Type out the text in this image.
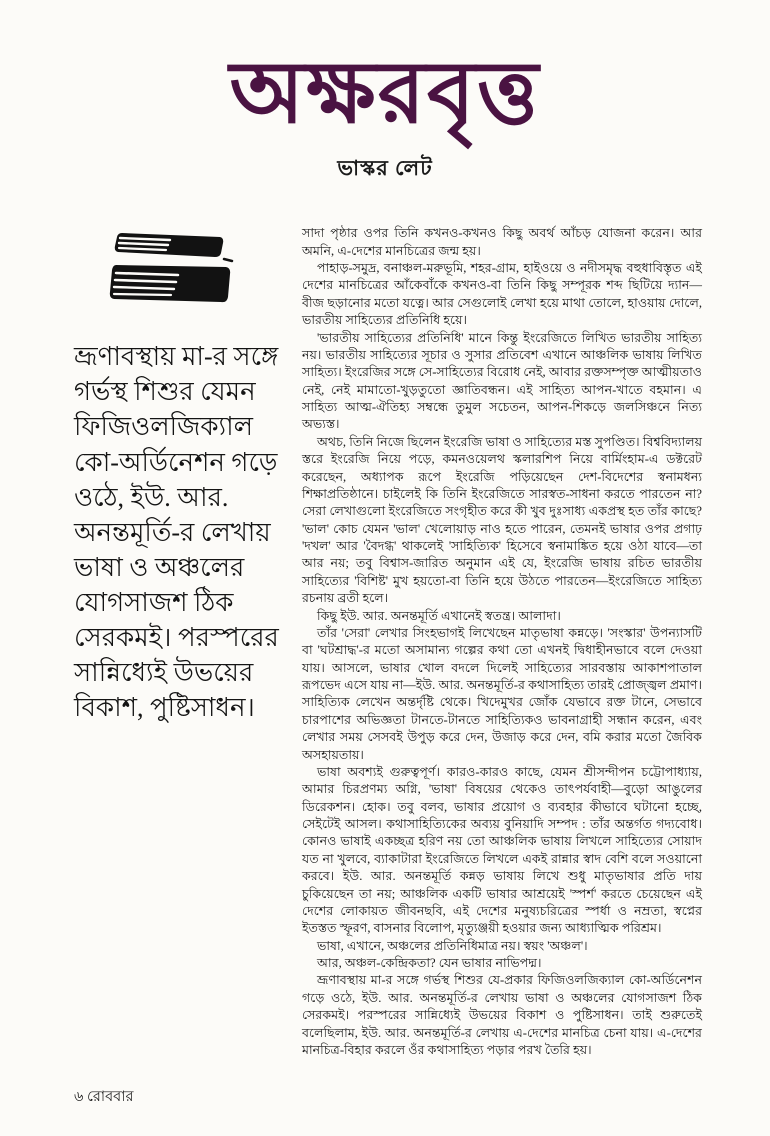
অক্ষরবৃত্ত
ভাস্কর লেট
ভ্রূণাবস্থায় মা-র সঙ্গে গর্ভস্থ শিশুর যেমন ফিজিওলজিক্যাল কো-অর্ডিনেশন গড়ে ওঠে, ইউ. আর. অনন্তমূর্তি-র লেখায় ভাষা ও অঞ্চলের যোগসাজশ ঠিক সেরকমই। পরস্পরের সান্নিধ্যেই উভয়ের বিকাশ, পুষ্টিসাধন।

সাদা পৃষ্ঠার ওপর তিনি কখনও-কখনও কিছু অবর্থ আঁচড় যোজনা করেন। আর অমনি, এ-দেশের মানচিত্রের জন্ম হয়।

পাহাড়-সমুদ্র, বনাঞ্চল-মরুভূমি, শহর-গ্রাম, হাইওয়ে ও নদীসমৃদ্ধ বহুধাবিস্তৃত এই দেশের মানচিত্রের আঁকেবাঁকে কখনও-বা তিনি কিছু সম্পূরক শব্দ ছিটিয়ে দ্যান—বীজ ছড়ানোর মতো যত্নে। আর সেগুলোই লেখা হয়ে মাথা তোলে, হাওয়ায় দোলে, ভারতীয় সাহিত্যের প্রতিনিধি হয়ে।

'ভারতীয় সাহিত্যের প্রতিনিধি' মানে কিন্তু ইংরেজিতে লিখিত ভারতীয় সাহিত্য নয়। ভারতীয় সাহিত্যের সূচার ও সুসার প্রতিবেশ এখানে আঞ্চলিক ভাষায় লিখিত সাহিত্য। ইংরেজির সঙ্গে সে-সাহিত্যের বিরোধ নেই, আবার রক্তসম্পৃক্ত আত্মীয়তাও নেই, নেই মামাতো-খুড়তুতো জ্ঞাতিবন্ধন। এই সাহিত্য আপন-খাতে বহমান। এ সাহিত্য আত্ম-ঐতিহ্য সম্বন্ধে তুমুল সচেতন, আপন-শিকড়ে জলসিঞ্চনে নিত্য অভ্যস্ত।

অথচ, তিনি নিজে ছিলেন ইংরেজি ভাষা ও সাহিত্যের মস্ত সুপণ্ডিত। বিশ্ববিদ্যালয় স্তরে ইংরেজি নিয়ে পড়ে, কমনওয়েলথ স্কলারশিপ নিয়ে বার্মিংহাম-এ ডক্টরেট করেছেন, অধ্যাপক রূপে ইংরেজি পড়িয়েছেন দেশ-বিদেশের স্বনামধন্য শিক্ষাপ্রতিষ্ঠানে। চাইলেই কি তিনি ইংরেজিতে সারস্বত-সাধনা করতে পারতেন না? সেরা লেখাগুলো ইংরেজিতে সংগৃহীত করে কী খুব দুঃসাধ্য একপ্রস্থ হত তাঁর কাছে? 'ভাল' কোচ যেমন 'ভাল' খেলোয়াড় নাও হতে পারেন, তেমনই ভাষার ওপর প্রগাঢ় 'দখল' আর 'বৈদগ্ধ' থাকলেই 'সাহিত্যিক' হিসেবে স্বনামাঙ্কিত হয়ে ওঠা যাবে—তা আর নয়; তবু বিশ্বাস-জারিত অনুমান এই যে, ইংরেজি ভাষায় রচিত ভারতীয় সাহিত্যের 'বিশিষ্ট' মুখ হয়তো-বা তিনি হয়ে উঠতে পারতেন—ইংরেজিতে সাহিত্য রচনায় ব্রতী হলে।

কিছু ইউ. আর. অনন্তমূর্তি এখানেই স্বতন্ত্র। আলাদা।

তাঁর 'সেরা' লেখার সিংহভাগই লিখেছেন মাতৃভাষা কন্নড়ে। 'সংস্কার' উপন্যাসটি বা 'ঘটশ্রাদ্ধ'-র মতো অসামান্য গল্পের কথা তো এখনই দ্বিধাহীনভাবে বলে দেওয়া যায়। আসলে, ভাষার খোল বদলে দিলেই সাহিত্যের সারবস্তায় আকাশপাতাল রূপভেদ এসে যায় না—ইউ. আর. অনন্তমূর্তি-র কথাসাহিত্য তারই প্রোজ্জ্বল প্রমাণ। সাহিত্যিক লেখেন অন্তর্দৃষ্টি থেকে। খিদেমুখর জোঁক যেভাবে রক্ত টানে, সেভাবে চারপাশের অভিজ্ঞতা টানতে-টানতে সাহিত্যিকও ভাবনাগ্রাহী সন্ধান করেন, এবং লেখার সময় সেসবই উপুড় করে দেন, উজাড় করে দেন, বমি করার মতো জৈবিক অসহায়তায়।

ভাষা অবশ্যই গুরুত্বপূর্ণ। কারও-কারও কাছে, যেমন শ্রীসন্দীপন চট্টোপাধ্যায়, আমার চিরপ্রণম্য অগ্নি, 'ভাষা' বিষয়ের থেকেও তাৎপর্যবাহী—বুড়ো আঙুলের ডিরেকশন। হোক। তবু বলব, ভাষার প্রয়োগ ও ব্যবহার কীভাবে ঘটানো হচ্ছে, সেইটেই আসল। কথাসাহিত্যিকের অব্যয় বুনিয়াদি সম্পদ : তাঁর অন্তর্গত গদ্যবোধ। কোনও ভাষাই একচ্ছত্র হরিণ নয় তো আঞ্চলিক ভাষায় লিখলে সাহিত্যের সোয়াদ যত না খুলবে, ব্যাকাটারা ইংরেজিতে লিখলে একই রান্নার স্বাদ বেশি বলে সওয়ানো করবে। ইউ. আর. অনন্তমূর্তি কন্নড় ভাষায় লিখে শুধু মাতৃভাষার প্রতি দায় চুকিয়েছেন তা নয়; আঞ্চলিক একটি ভাষার আশ্রয়েই 'স্পর্শ' করতে চেয়েছেন এই দেশের লোকায়ত জীবনছবি, এই দেশের মনুষ্যচরিত্রের স্পর্ধা ও নম্রতা, স্বপ্নের ইতস্তত স্ফূরণ, বাসনার বিলোপ, মৃত্যুঞ্জয়ী হওয়ার জন্য আধ্যাত্মিক পরিশ্রম।

ভাষা, এখানে, অঞ্চলের প্রতিনিধিমাত্র নয়। স্বয়ং 'অঞ্চল'।

আর, অঞ্চল-কেন্দ্রিকতা? যেন ভাষার নাভিপদ্ম।

ভ্রূণাবস্থায় মা-র সঙ্গে গর্ভস্থ শিশুর যে-প্রকার ফিজিওলজিক্যাল কো-অর্ডিনেশন গড়ে ওঠে, ইউ. আর. অনন্তমূর্তি-র লেখায় ভাষা ও অঞ্চলের যোগসাজশ ঠিক সেরকমই। পরস্পরের সান্নিধ্যেই উভয়ের বিকাশ ও পুষ্টিসাধন। তাই শুরুতেই বলেছিলাম, ইউ. আর. অনন্তমূর্তি-র লেখায় এ-দেশের মানচিত্র চেনা যায়। এ-দেশের মানচিত্র-বিহার করলে ওঁর কথাসাহিত্য পড়ার পরখ তৈরি হয়।

৬ রোববার
